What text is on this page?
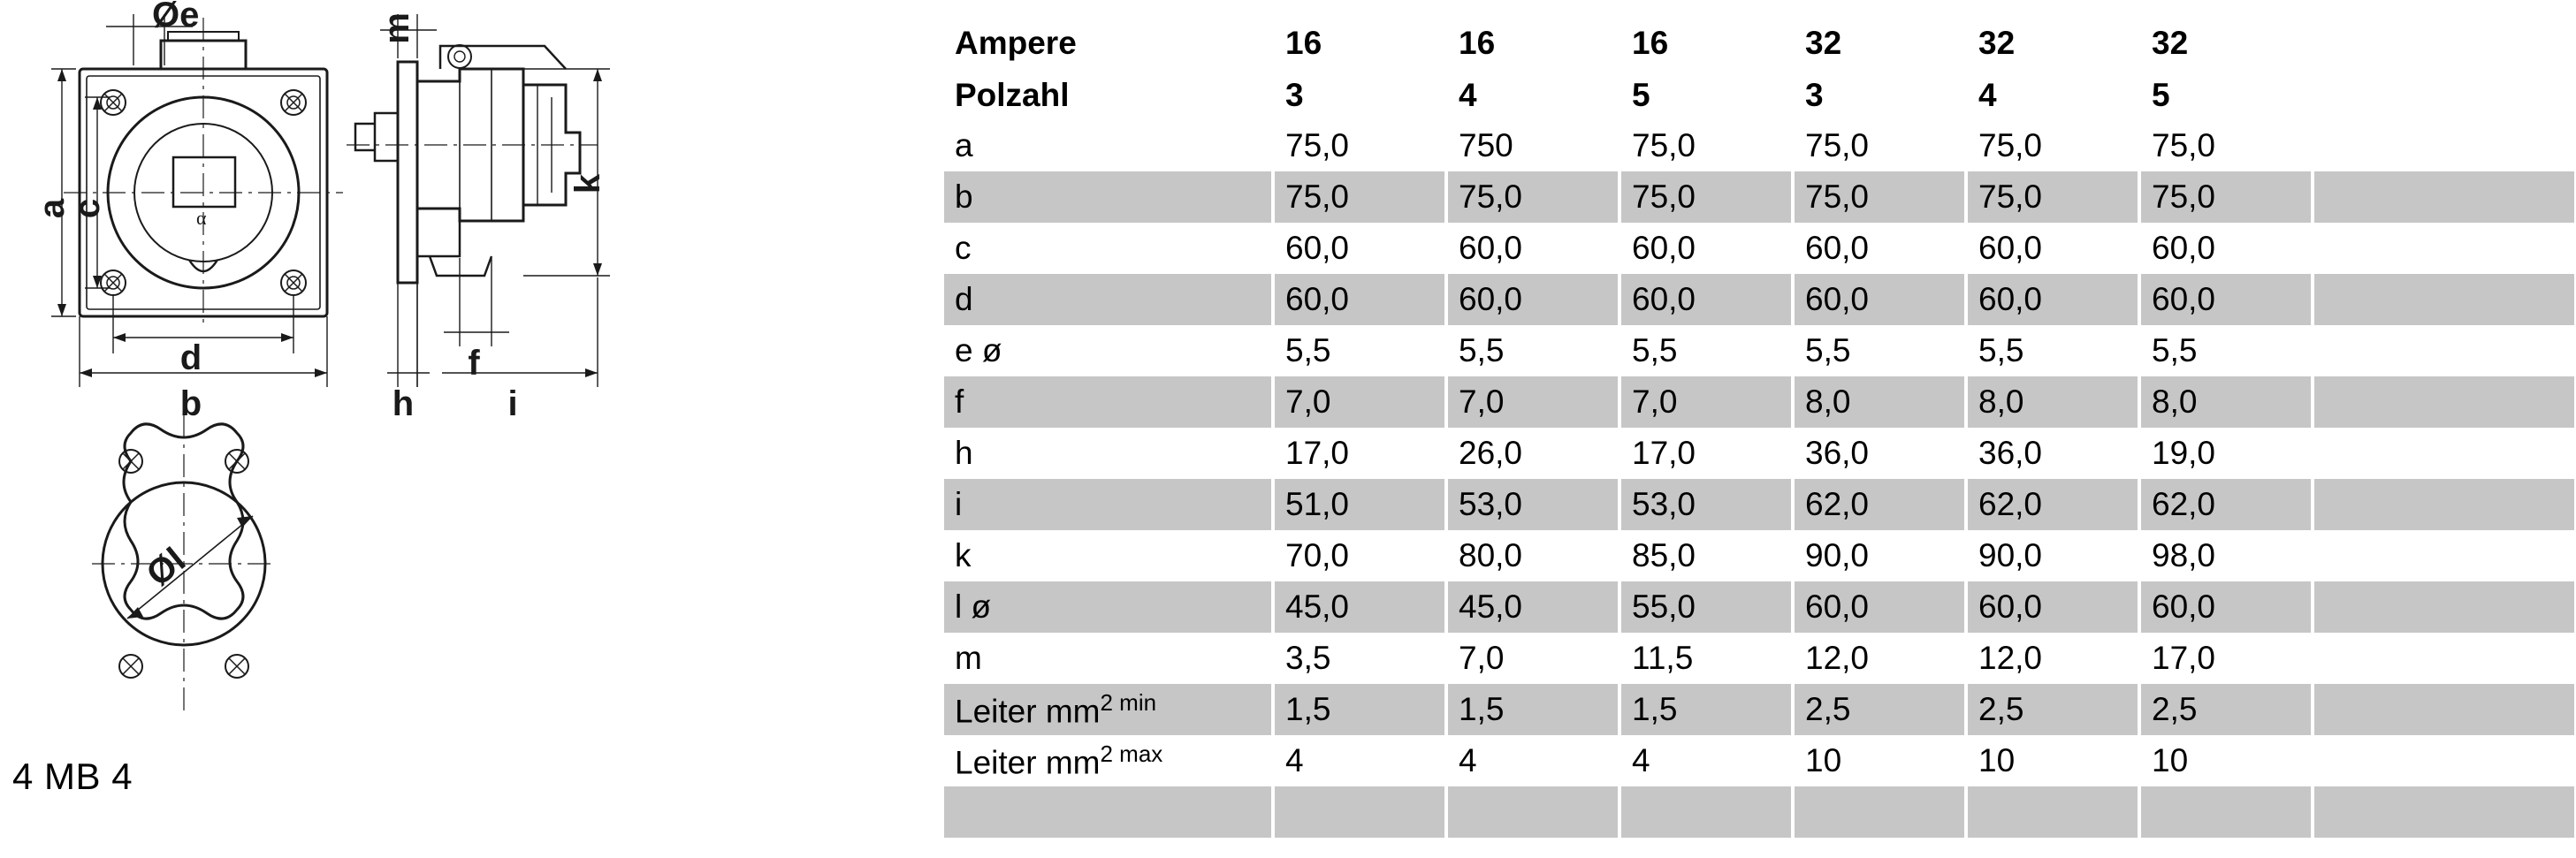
α
Øe
a
c
d
b
m
k
h
f
i
Øl
4 MB 4
Ampere	16	16	16	32	32	32	
Polzahl	3	4	5	3	4	5	
a	75,0	750	75,0	75,0	75,0	75,0	
b	75,0	75,0	75,0	75,0	75,0	75,0	
c	60,0	60,0	60,0	60,0	60,0	60,0	
d	60,0	60,0	60,0	60,0	60,0	60,0	
e ø	5,5	5,5	5,5	5,5	5,5	5,5	
f	7,0	7,0	7,0	8,0	8,0	8,0	
h	17,0	26,0	17,0	36,0	36,0	19,0	
i	51,0	53,0	53,0	62,0	62,0	62,0	
k	70,0	80,0	85,0	90,0	90,0	98,0	
l ø	45,0	45,0	55,0	60,0	60,0	60,0	
m	3,5	7,0	11,5	12,0	12,0	17,0	
Leiter $mm^{2 min}$	1,5	1,5	1,5	2,5	2,5	2,5	
Leiter $mm^{2 max}$	4	4	4	10	10	10	
